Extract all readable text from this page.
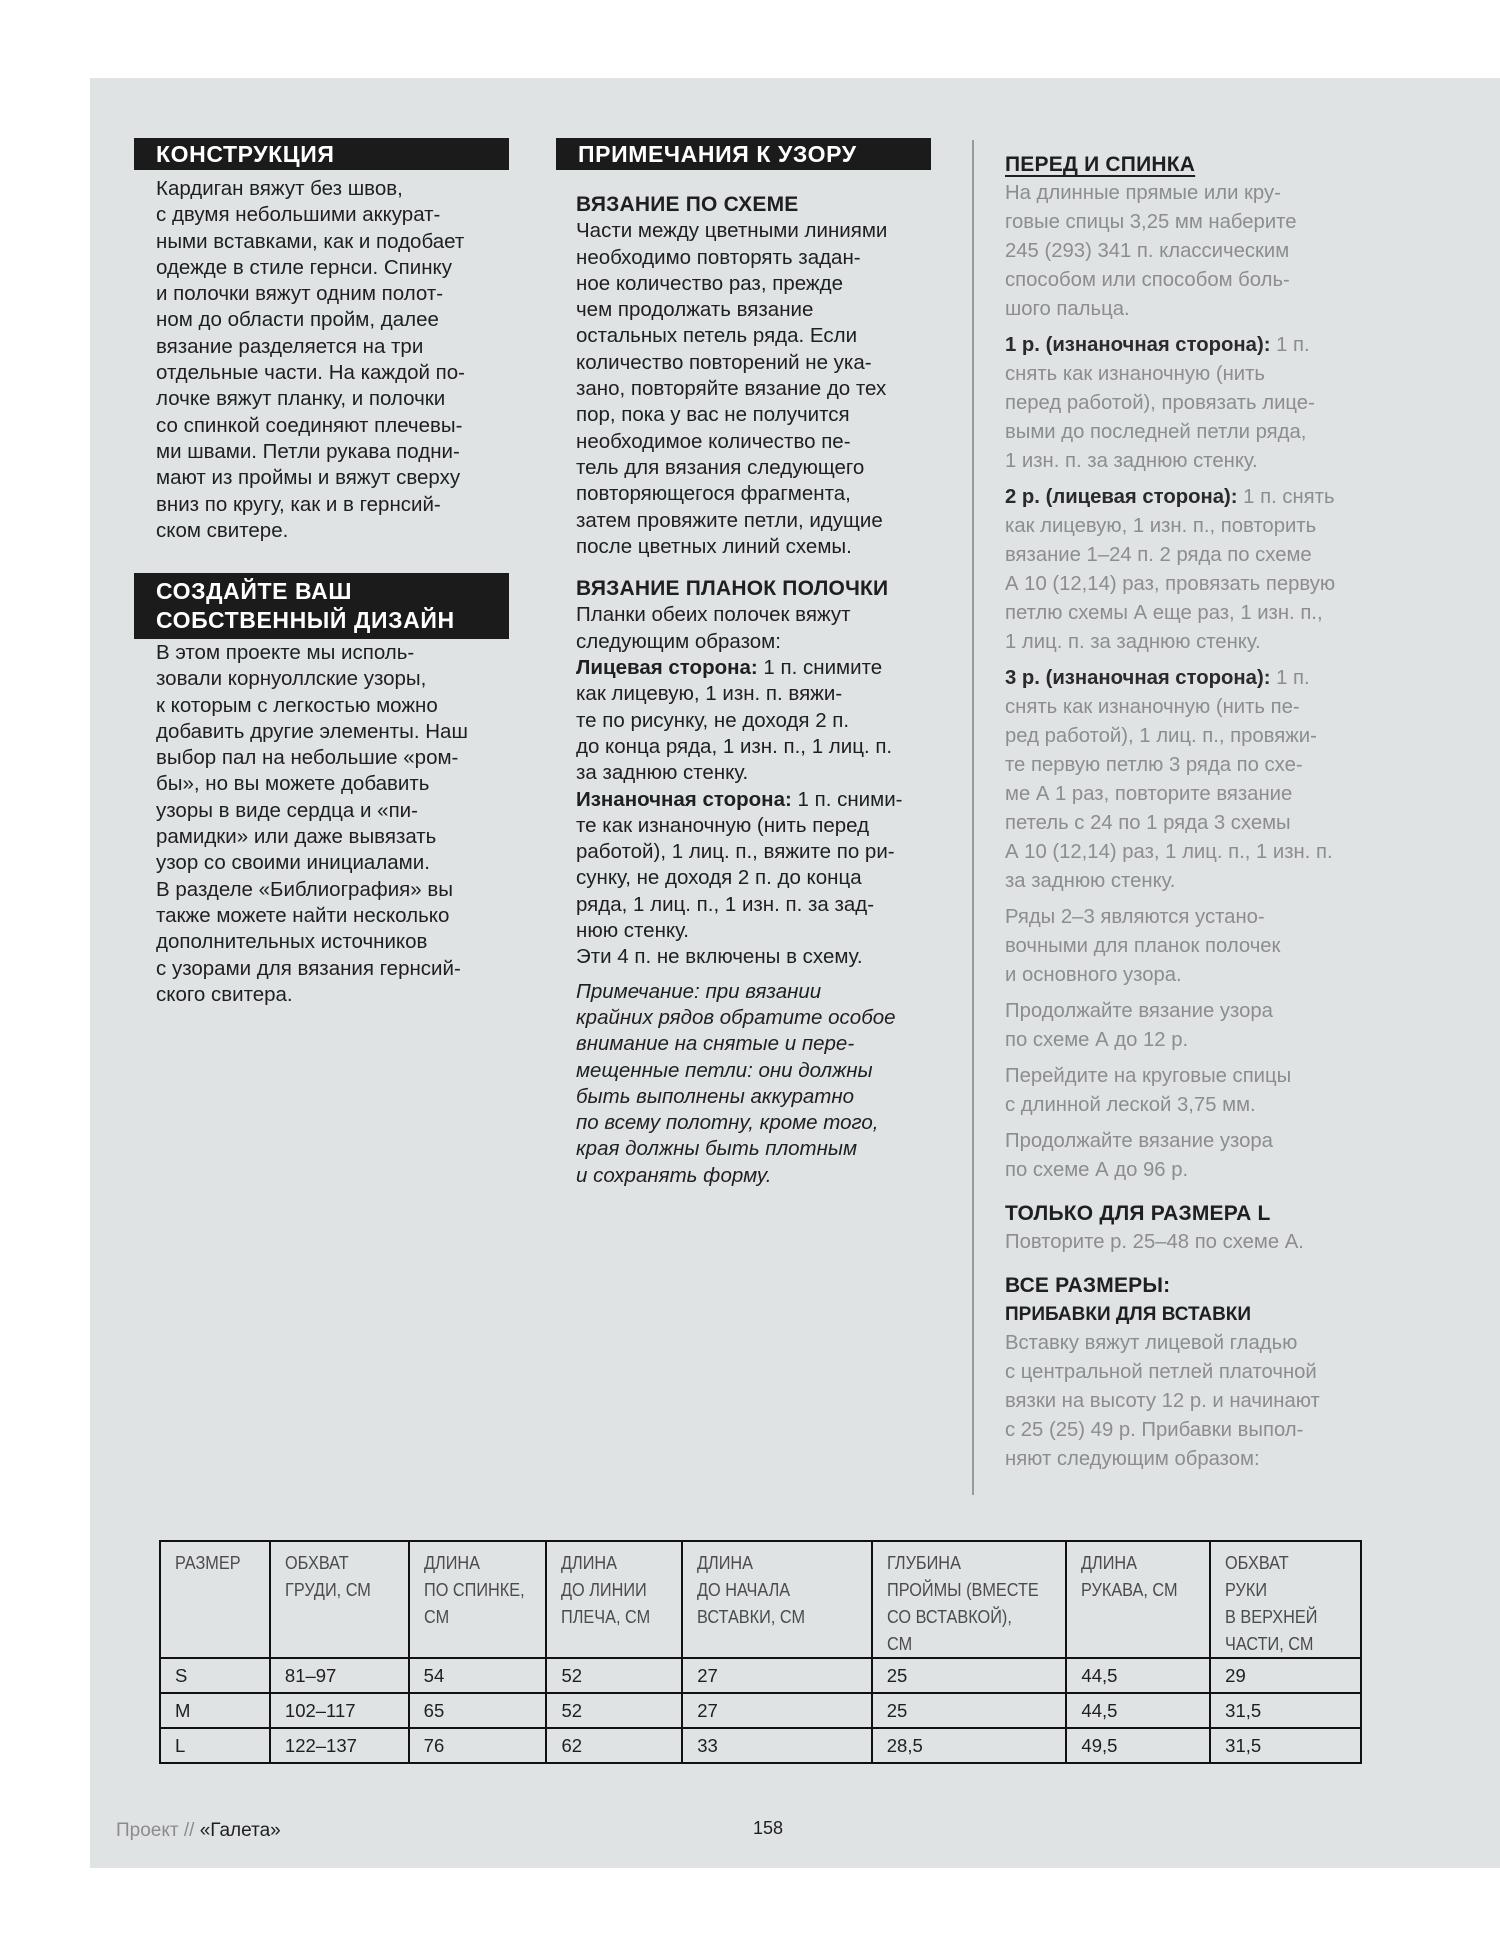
КОНСТРУКЦИЯ
Кардиган вяжут без швов,
с двумя небольшими аккурат-
ными вставками, как и подобает
одежде в стиле гернси. Спинку
и полочки вяжут одним полот-
ном до области пройм, далее
вязание разделяется на три
отдельные части. На каждой по-
лочке вяжут планку, и полочки
со спинкой соединяют плечевы-
ми швами. Петли рукава подни-
мают из проймы и вяжут сверху
вниз по кругу, как и в гернсий-
ском свитере.
СОЗДАЙТЕ ВАШ
СОБСТВЕННЫЙ ДИЗАЙН
В этом проекте мы исполь-
зовали корнуоллские узоры,
к которым с легкостью можно
добавить другие элементы. Наш
выбор пал на небольшие «ром-
бы», но вы можете добавить
узоры в виде сердца и «пи-
рамидки» или даже вывязать
узор со своими инициалами.
В разделе «Библиография» вы
также можете найти несколько
дополнительных источников
с узорами для вязания гернсий-
ского свитера.
ПРИМЕЧАНИЯ К УЗОРУ

ВЯЗАНИЕ ПО СХЕМЕ

Части между цветными линиями
необходимо повторять задан-
ное количество раз, прежде
чем продолжать вязание
остальных петель ряда. Если
количество повторений не ука-
зано, повторяйте вязание до тех
пор, пока у вас не получится
необходимое количество пе-
тель для вязания следующего
повторяющегося фрагмента,
затем провяжите петли, идущие
после цветных линий схемы.

ВЯЗАНИЕ ПЛАНОК ПОЛОЧКИ

Планки обеих полочек вяжут
следующим образом:

Лицевая сторона: 1 п. снимите

как лицевую, 1 изн. п. вяжи-
те по рисунку, не доходя 2 п.
до конца ряда, 1 изн. п., 1 лиц. п.
за заднюю стенку.

Изнаночная сторона: 1 п. сними-

те как изнаночную (нить перед
работой), 1 лиц. п., вяжите по ри-
сунку, не доходя 2 п. до конца
ряда, 1 лиц. п., 1 изн. п. за зад-
нюю стенку.

Эти 4 п. не включены в схему.

Примечание: при вязании
крайних рядов обратите особое
внимание на снятые и пере-
мещенные петли: они должны
быть выполнены аккуратно
по всему полотну, кроме того,
края должны быть плотным
и сохранять форму.

ПЕРЕД И СПИНКА

На длинные прямые или кру-
говые спицы 3,25 мм наберите
245 (293) 341 п. классическим
способом или способом боль-
шого пальца.

1 р. (изнаночная сторона): 1 п.

снять как изнаночную (нить
перед работой), провязать лице-
выми до последней петли ряда,
1 изн. п. за заднюю стенку.

2 р. (лицевая сторона): 1 п. снять

как лицевую, 1 изн. п., повторить
вязание 1–24 п. 2 ряда по схеме
А 10 (12,14) раз, провязать первую
петлю схемы А еще раз, 1 изн. п.,
1 лиц. п. за заднюю стенку.

3 р. (изнаночная сторона): 1 п.

снять как изнаночную (нить пе-
ред работой), 1 лиц. п., провяжи-
те первую петлю 3 ряда по схе-
ме А 1 раз, повторите вязание
петель с 24 по 1 ряда 3 схемы
А 10 (12,14) раз, 1 лиц. п., 1 изн. п.
за заднюю стенку.
Ряды 2–3 являются устано-
вочными для планок полочек
и основного узора.
Продолжайте вязание узора
по схеме А до 12 р.
Перейдите на круговые спицы
с длинной леской 3,75 мм.
Продолжайте вязание узора
по схеме А до 96 р.

ТОЛЬКО ДЛЯ РАЗМЕРА L

Повторите р. 25–48 по схеме А.

ВСЕ РАЗМЕРЫ:

ПРИБАВКИ ДЛЯ ВСТАВКИ

Вставку вяжут лицевой гладью
с центральной петлей платочной
вязки на высоту 12 р. и начинают
с 25 (25) 49 р. Прибавки выпол-
няют следующим образом:
РАЗМЕР	ОБХВАТ
ГРУДИ, СМ	ДЛИНА
ПО СПИНКЕ,
СМ	ДЛИНА
ДО ЛИНИИ
ПЛЕЧА, СМ	ДЛИНА
ДО НАЧАЛА
ВСТАВКИ, СМ	ГЛУБИНА
ПРОЙМЫ (ВМЕСТЕ
СО ВСТАВКОЙ),
СМ	ДЛИНА
РУКАВА, СМ	ОБХВАТ
РУКИ
В ВЕРХНЕЙ
ЧАСТИ, СМ
S	81–97	54	52	27	25	44,5	29
M	102–117	65	52	27	25	44,5	31,5
L	122–137	76	62	33	28,5	49,5	31,5
Проект // «Галета»	158
